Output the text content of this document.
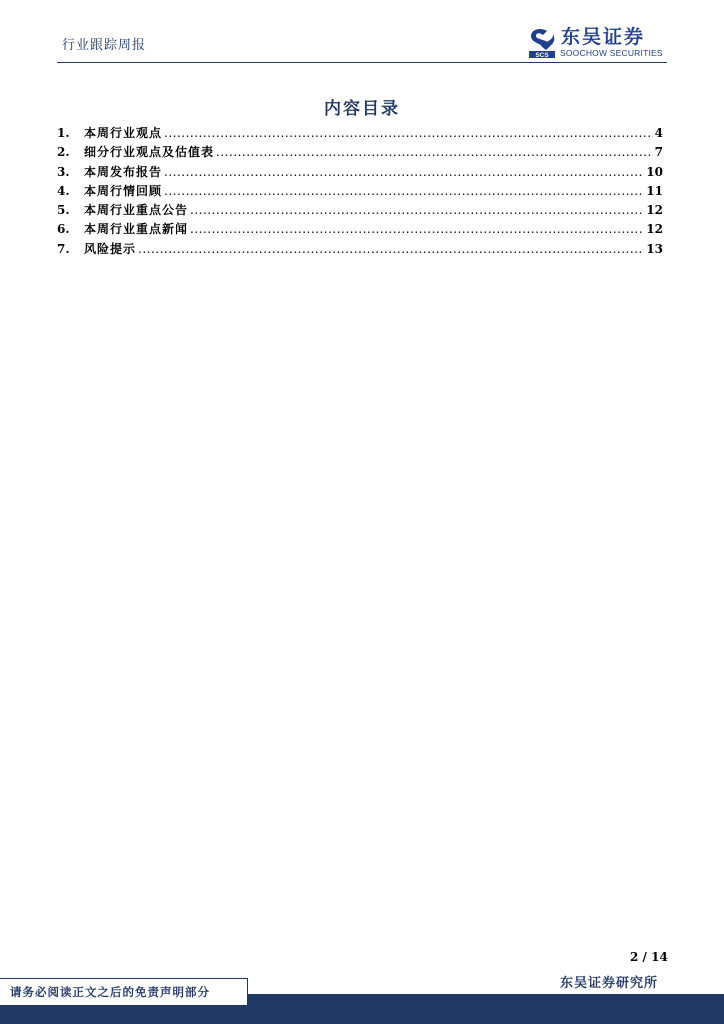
行业跟踪周报
SCS
东吴证券
SOOCHOW SECURITIES
内容目录
1.	本周行业观点 .....	4
2.	细分行业观点及估值表 .....	7
3.	本周发布报告 .....	10
4.	本周行情回顾 .....	11
5.	本周行业重点公告 .....	12
6.	本周行业重点新闻 .....	12
7.	风险提示 .....	13
2 / 14
东吴证券研究所
请务必阅读正文之后的免责声明部分
